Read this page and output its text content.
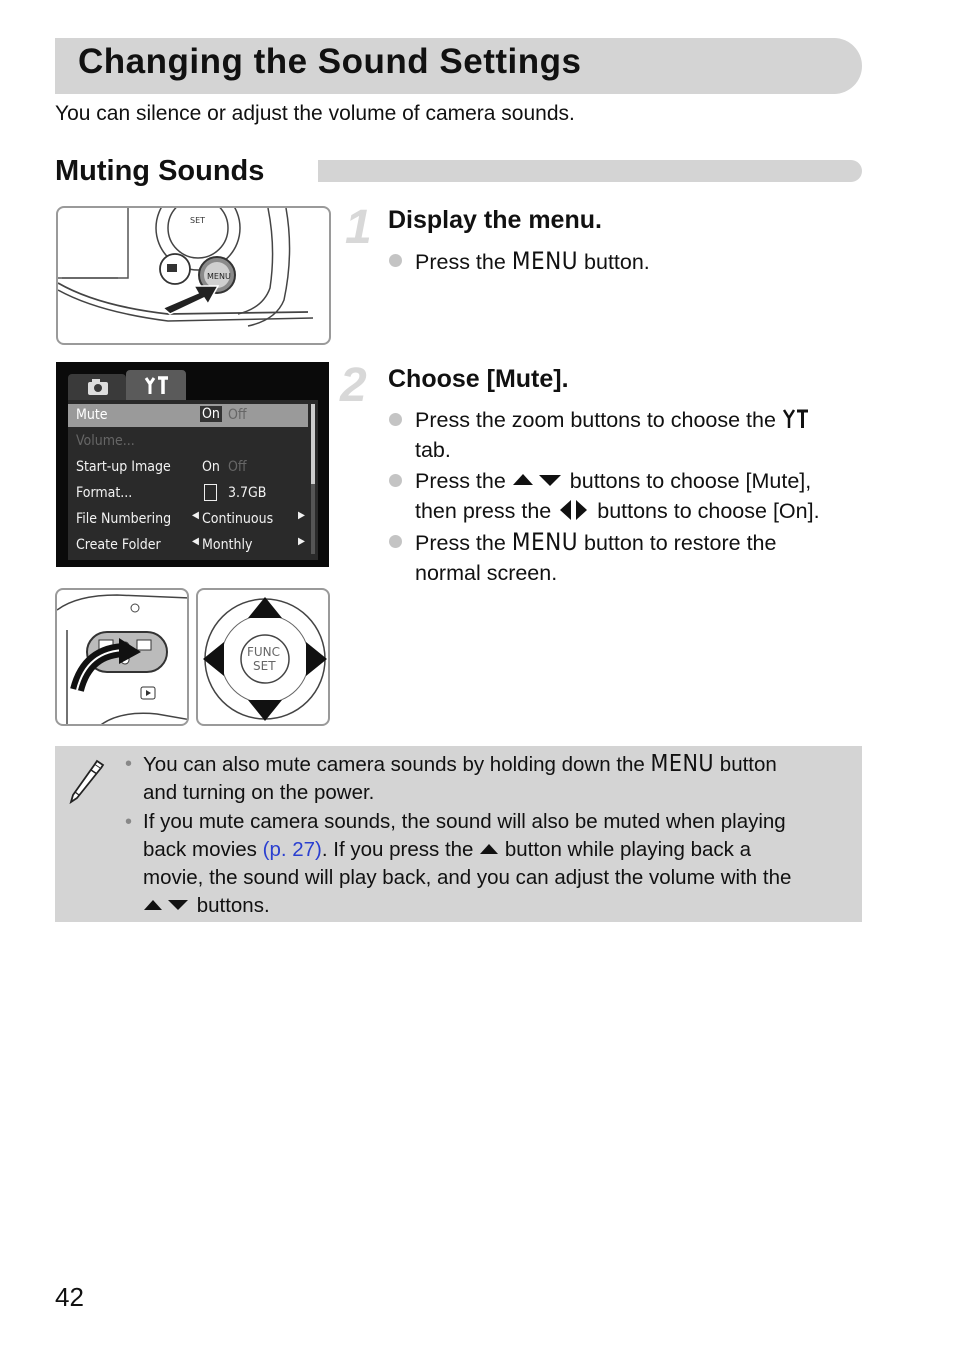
Changing the Sound Settings
You can silence or adjust the volume of camera sounds.
Muting Sounds
SET
MENU
1 Display the menu.
Press the MENU button.
Mute	On Off
Volume...
Start-up Image On Off
Format...	3.7GB
File Numbering ◀ Continuous ▶
Create Folder	◀ Monthly	▶
FUNC
SET
2 Choose [Mute].
Press the zoom buttons to choose the
tab.
Press the	buttons to choose [Mute],
then press the buttons to choose [On].
Press the MENU button to restore the
normal screen.
• You can also mute camera sounds by holding down the MENU button
and turning on the power.
• If you mute camera sounds, the sound will also be muted when playing
back movies (p. 27). If you press the button while playing back a
movie, the sound will play back, and you can adjust the volume with the
buttons.
42
